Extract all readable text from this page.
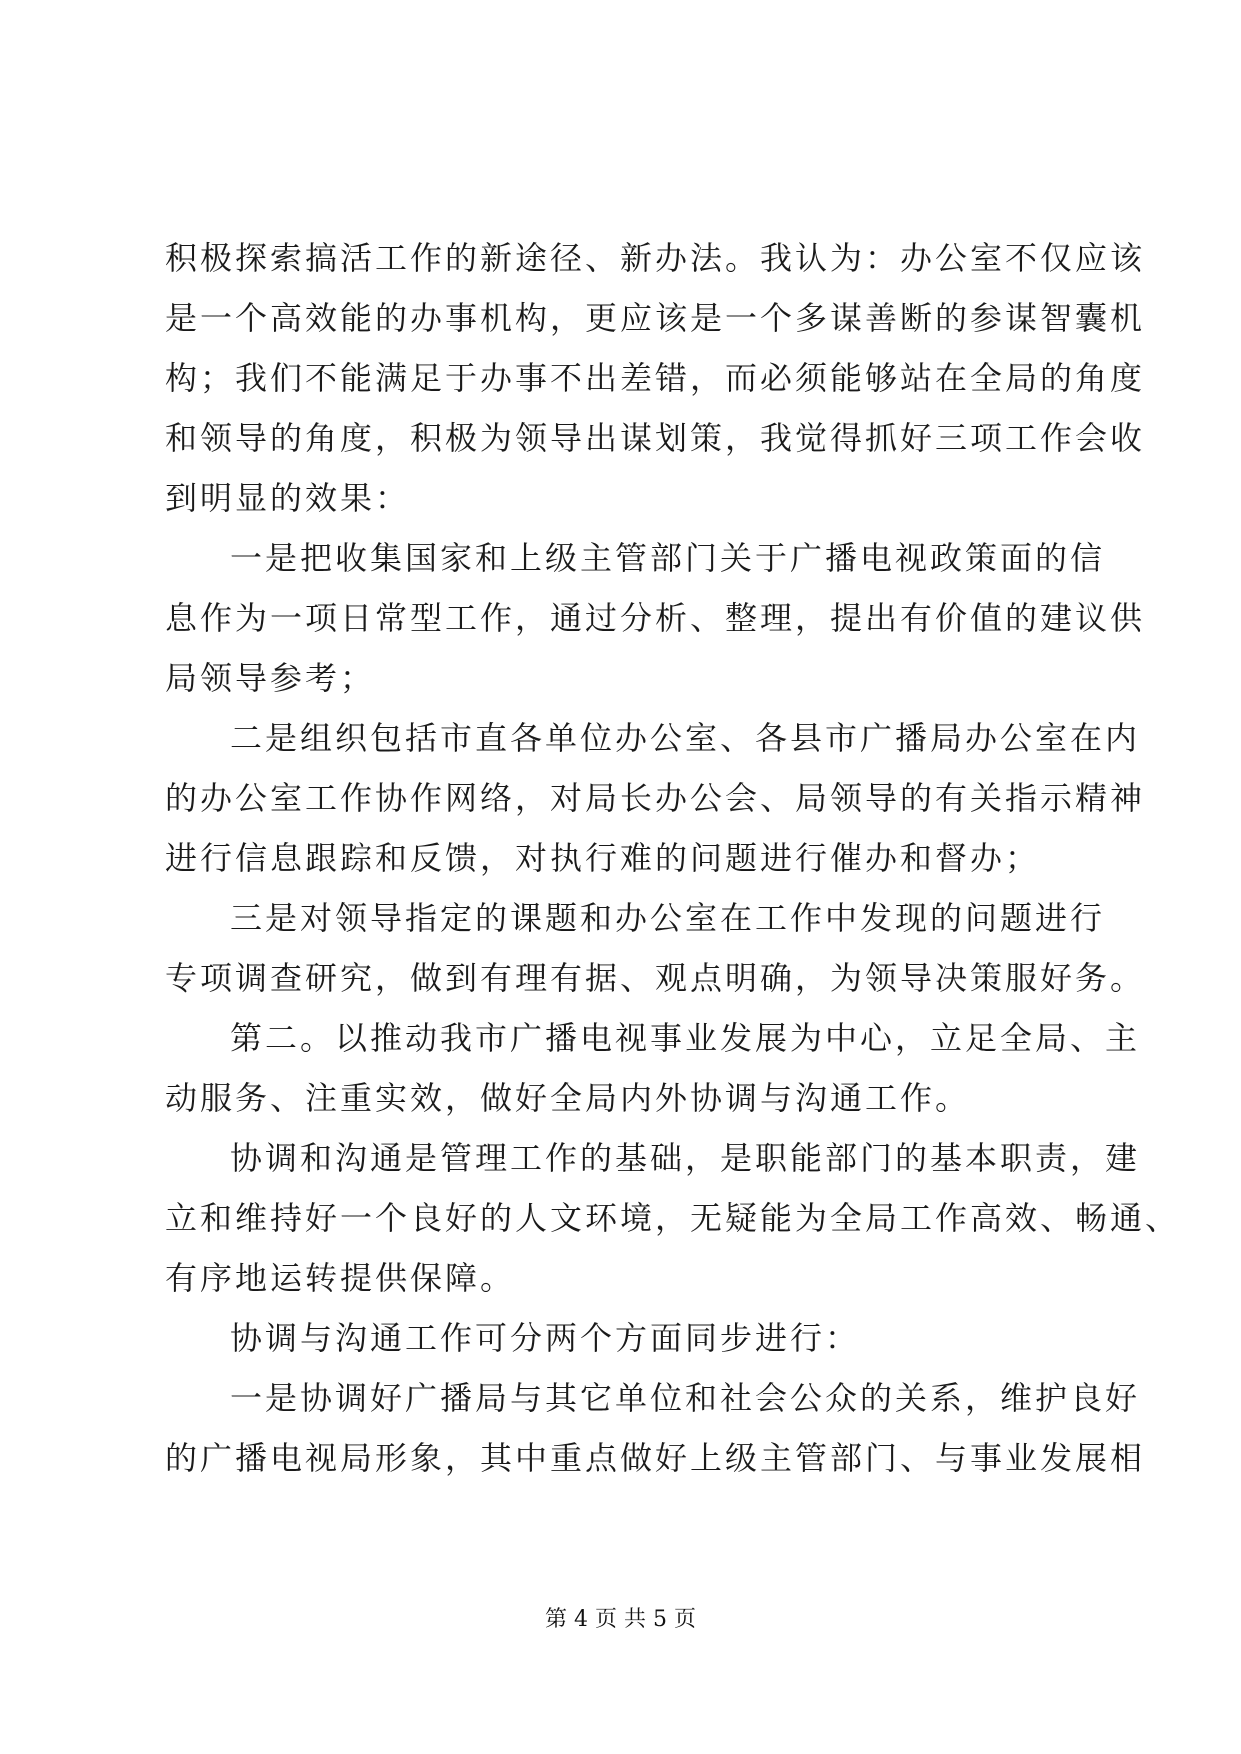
积极探索搞活工作的新途径、新办法。我认为：办公室不仅应该
是一个高效能的办事机构，更应该是一个多谋善断的参谋智囊机
构；我们不能满足于办事不出差错，而必须能够站在全局的角度
和领导的角度，积极为领导出谋划策，我觉得抓好三项工作会收
到明显的效果：
一是把收集国家和上级主管部门关于广播电视政策面的信
息作为一项日常型工作，通过分析、整理，提出有价值的建议供
局领导参考；
二是组织包括市直各单位办公室、各县市广播局办公室在内
的办公室工作协作网络，对局长办公会、局领导的有关指示精神
进行信息跟踪和反馈，对执行难的问题进行催办和督办；
三是对领导指定的课题和办公室在工作中发现的问题进行
专项调查研究，做到有理有据、观点明确，为领导决策服好务。
第二。以推动我市广播电视事业发展为中心，立足全局、主
动服务、注重实效，做好全局内外协调与沟通工作。
协调和沟通是管理工作的基础，是职能部门的基本职责，建
立和维持好一个良好的人文环境，无疑能为全局工作高效、畅通、
有序地运转提供保障。
协调与沟通工作可分两个方面同步进行：
一是协调好广播局与其它单位和社会公众的关系，维护良好
的广播电视局形象，其中重点做好上级主管部门、与事业发展相
第 4 页 共 5 页
